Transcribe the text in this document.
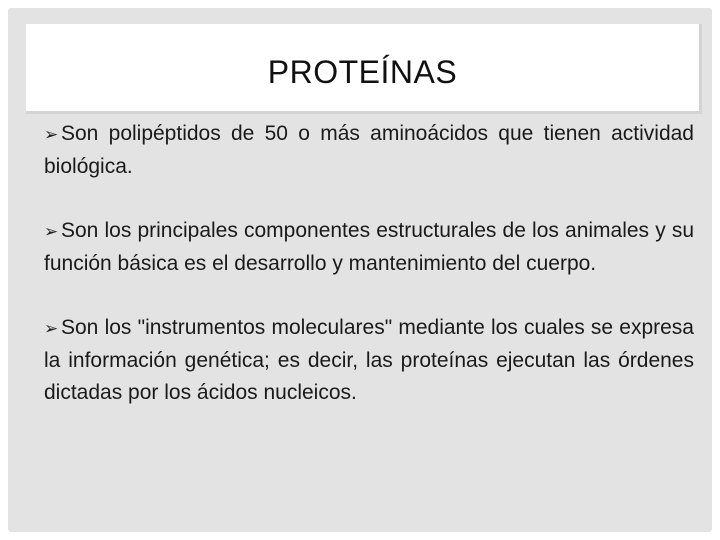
PROTEÍNAS

➢ Son polipéptidos de 50 o más aminoácidos que tienen actividad biológica.

➢ Son los principales componentes estructurales de los animales y su función básica es el desarrollo y mantenimiento del cuerpo.

➢ Son los "instrumentos moleculares" mediante los cuales se expresa la información genética; es decir, las proteínas ejecutan las órdenes dictadas por los ácidos nucleicos.
